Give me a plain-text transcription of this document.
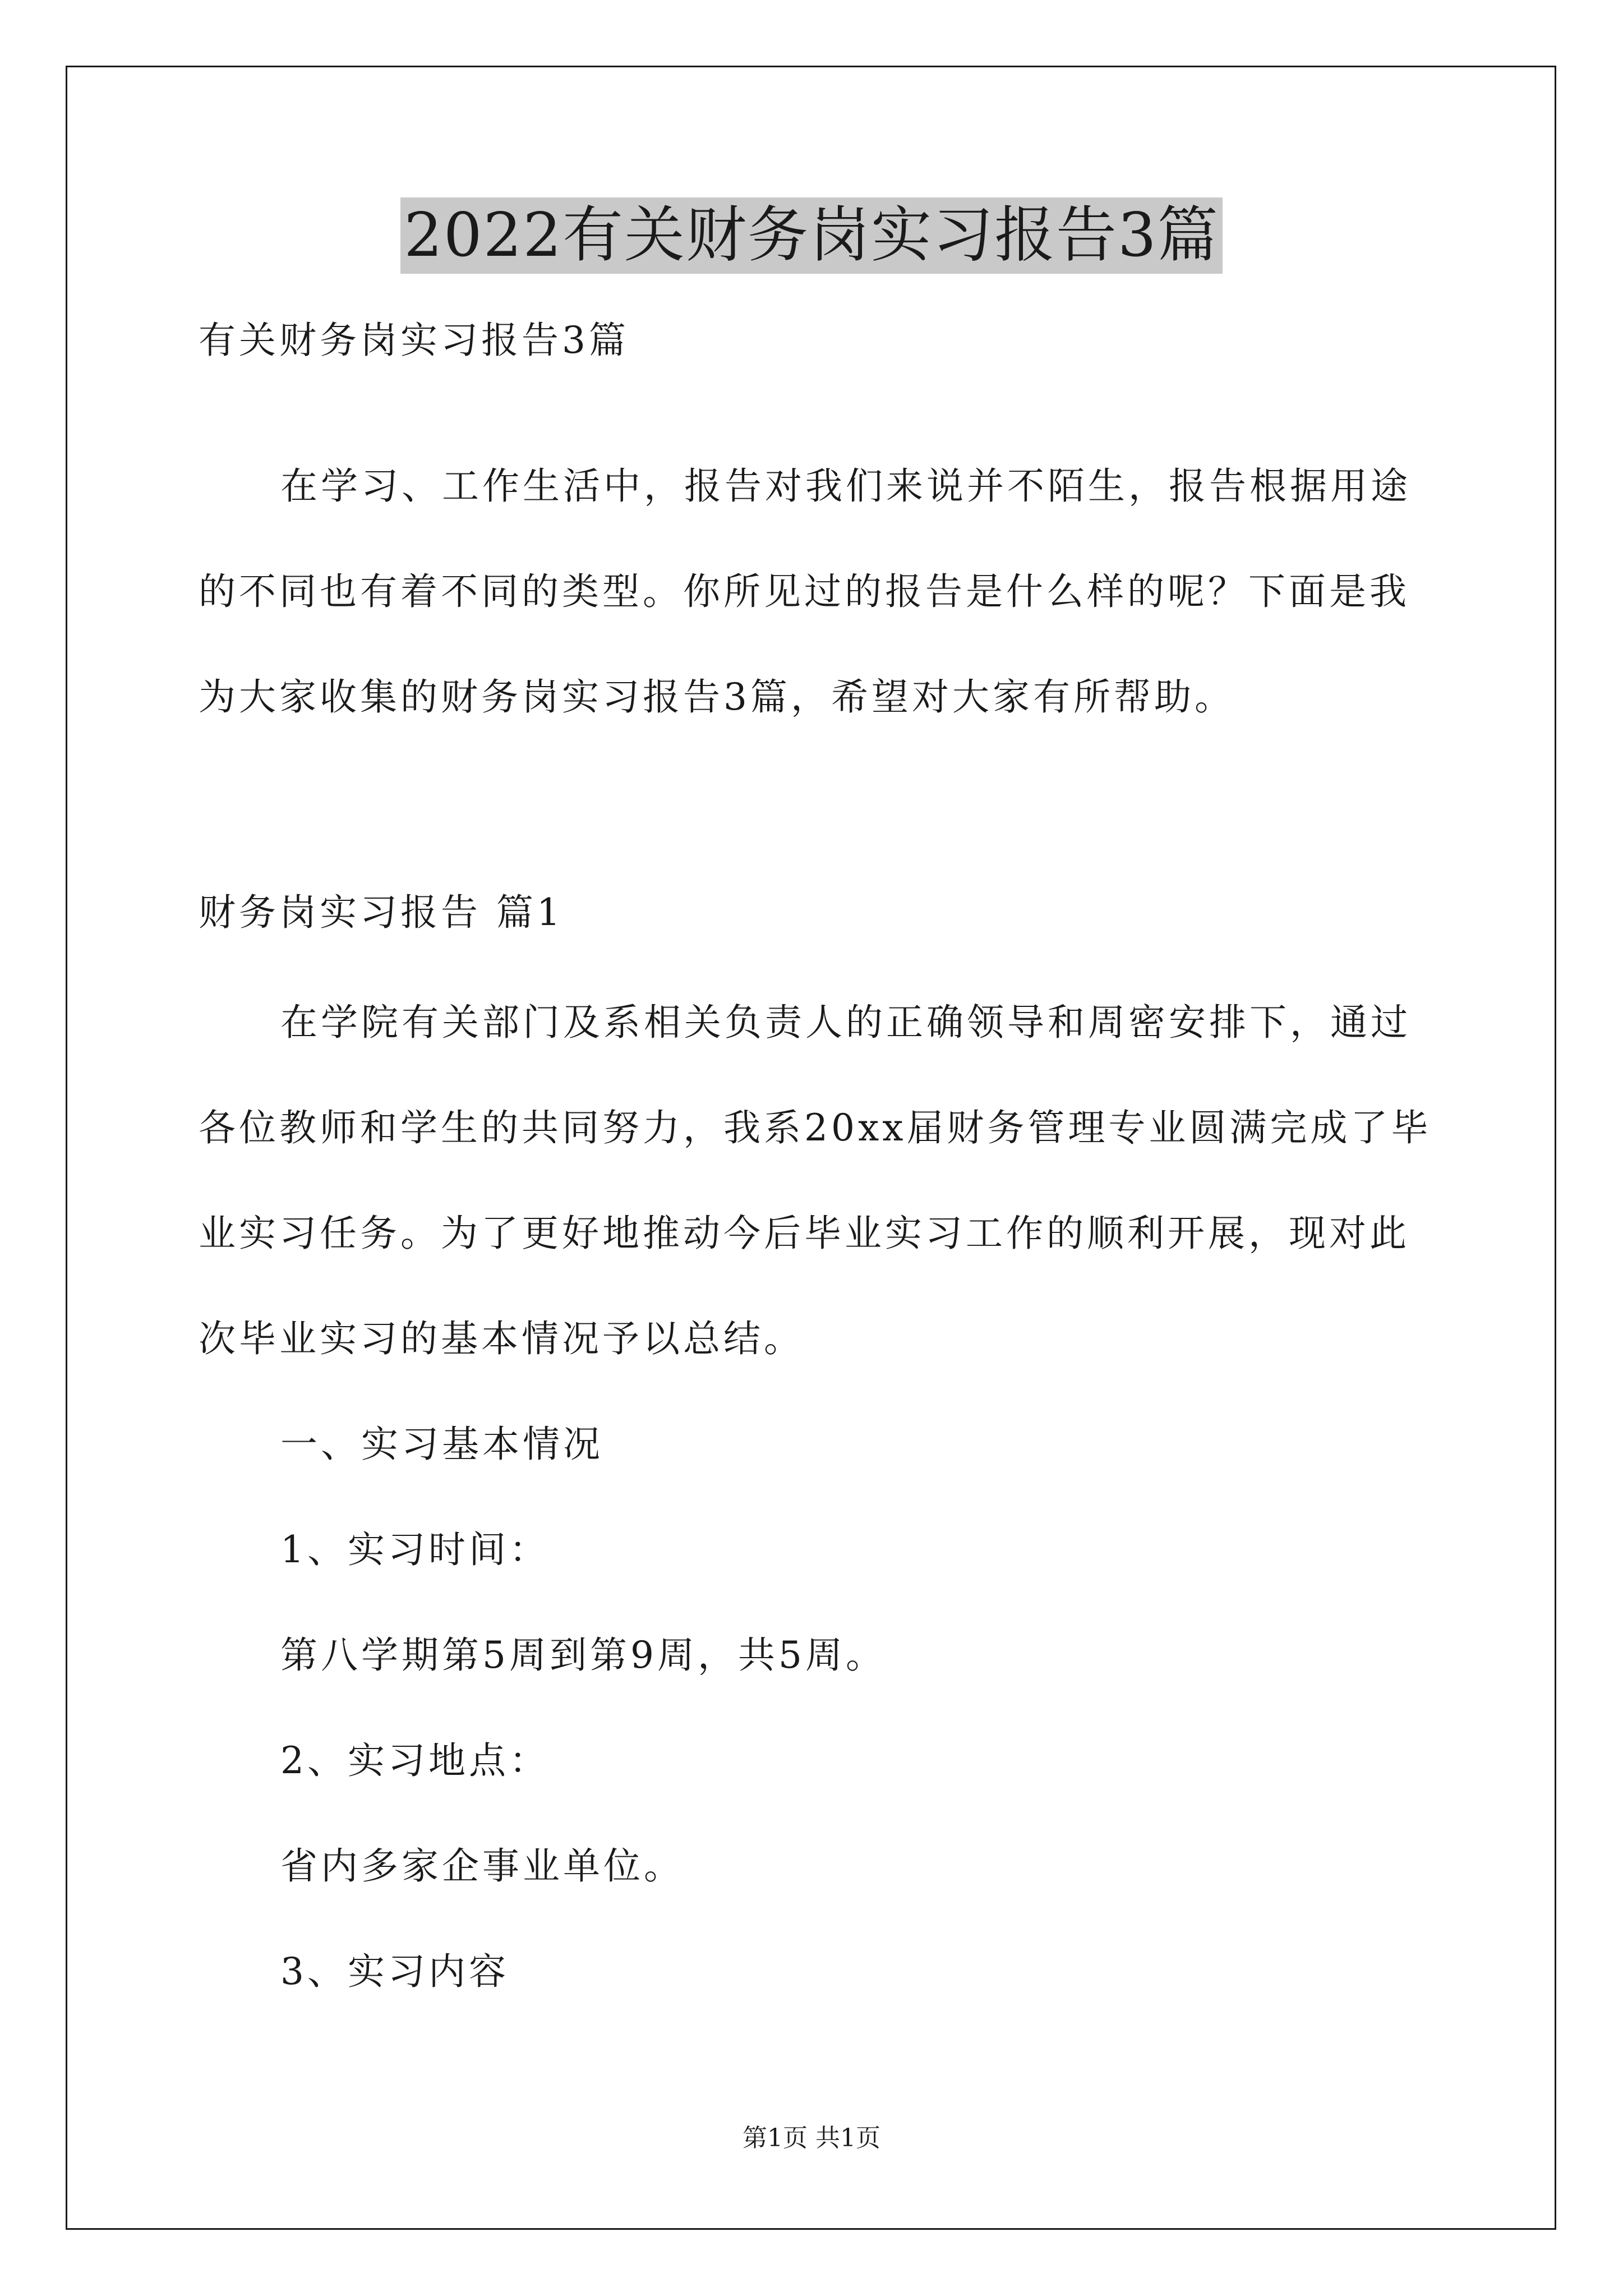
2022有关财务岗实习报告3篇

有关财务岗实习报告3篇

在学习、工作生活中，报告对我们来说并不陌生，报告根据用途

的不同也有着不同的类型。你所见过的报告是什么样的呢？下面是我

为大家收集的财务岗实习报告3篇，希望对大家有所帮助。

财务岗实习报告 篇1

在学院有关部门及系相关负责人的正确领导和周密安排下，通过

各位教师和学生的共同努力，我系20xx届财务管理专业圆满完成了毕

业实习任务。为了更好地推动今后毕业实习工作的顺利开展，现对此

次毕业实习的基本情况予以总结。

一、实习基本情况

1、实习时间：

第八学期第5周到第9周，共5周。

2、实习地点：

省内多家企事业单位。

3、实习内容

第1页 共1页
